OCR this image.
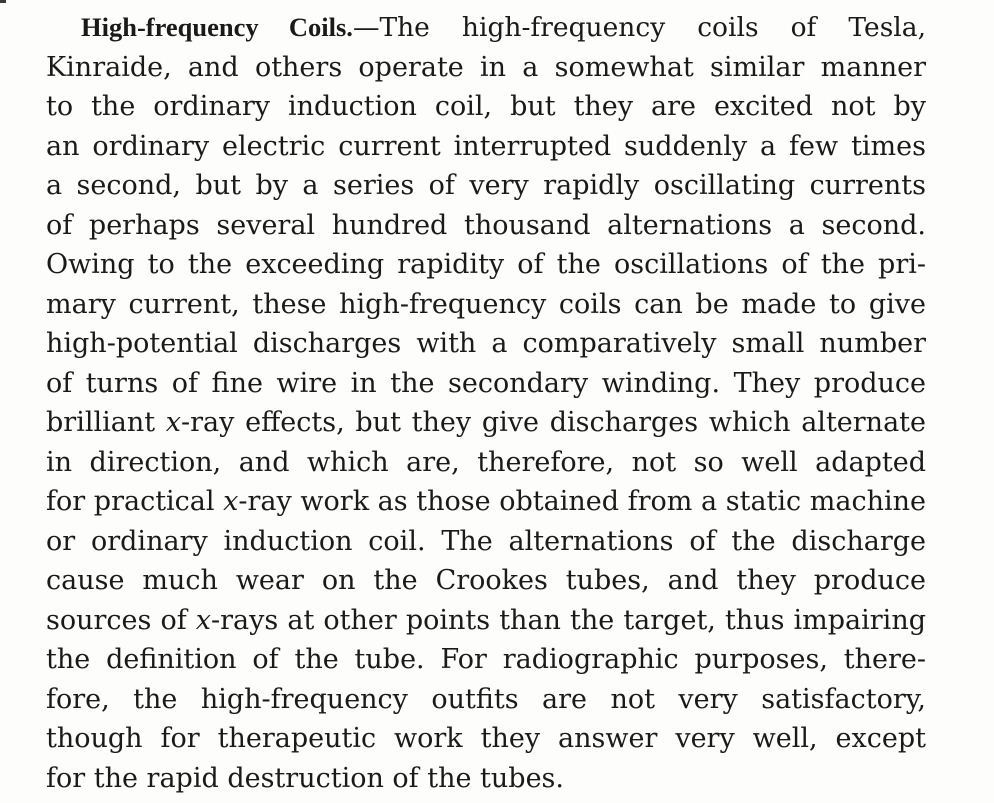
High-frequency Coils.—The high-frequency coils of Tesla,
Kinraide, and others operate in a somewhat similar manner
to the ordinary induction coil, but they are excited not by
an ordinary electric current interrupted suddenly a few times
a second, but by a series of very rapidly oscillating currents
of perhaps several hundred thousand alternations a second.
Owing to the exceeding rapidity of the oscillations of the pri-
mary current, these high-frequency coils can be made to give
high-potential discharges with a comparatively small number
of turns of fine wire in the secondary winding. They produce
brilliant x-ray effects, but they give discharges which alternate
in direction, and which are, therefore, not so well adapted
for practical x-ray work as those obtained from a static machine
or ordinary induction coil. The alternations of the discharge
cause much wear on the Crookes tubes, and they produce
sources of x-rays at other points than the target, thus impairing
the definition of the tube. For radiographic purposes, there-
fore, the high-frequency outfits are not very satisfactory,
though for therapeutic work they answer very well, except
for the rapid destruction of the tubes.
